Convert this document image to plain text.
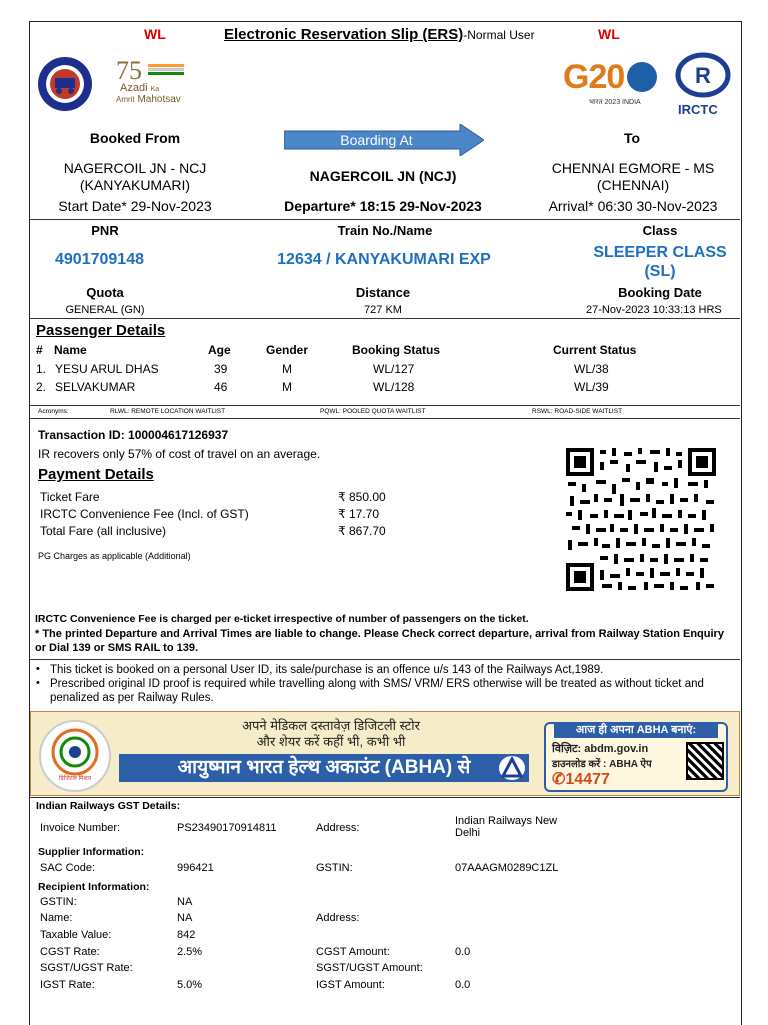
WL	Electronic Reservation Slip (ERS)-Normal User	WL
75
Azadi Ka
Amrit Mahotsav
G20
भारत 2023 INDIA
R
IRCTC
Booked From	Boarding At	To
NAGERCOIL JN - NCJ
(KANYAKUMARI)
NAGERCOIL JN (NCJ)	CHENNAI EGMORE - MS
(CHENNAI)
Start Date* 29-Nov-2023	Departure* 18:15 29-Nov-2023	Arrival* 06:30 30-Nov-2023
PNR	Train No./Name	Class
4901709148	12634 / KANYAKUMARI EXP	SLEEPER CLASS
(SL)
Quota	Distance	Booking Date
GENERAL (GN)	727 KM	27-Nov-2023 10:33:13 HRS
Passenger Details
# Name	Age	Gender	Booking Status	Current Status
1. YESU ARUL DHAS	39	M	WL/127	WL/38
2. SELVAKUMAR	46	M	WL/128	WL/39
Acronyms:	RLWL: REMOTE LOCATION WAITLIST	PQWL: POOLED QUOTA WAITLIST	RSWL: ROAD-SIDE WAITLIST
Transaction ID: 100004617126937
IR recovers only 57% of cost of travel on an average.
Payment Details
Ticket Fare	₹ 850.00
IRCTC Convenience Fee (Incl. of GST)	₹ 17.70
Total Fare (all inclusive)	₹ 867.70
PG Charges as applicable (Additional)
IRCTC Convenience Fee is charged per e-ticket irrespective of number of passengers on the ticket.
* The printed Departure and Arrival Times are liable to change. Please Check correct departure, arrival from Railway Station Enquiry or Dial 139 or SMS RAIL to 139.
• This ticket is booked on a personal User ID, its sale/purchase is an offence u/s 143 of the Railways Act,1989.
• Prescribed original ID proof is required while travelling along with SMS/ VRM/ ERS otherwise will be treated as without ticket and penalized as per Railway Rules.
डिजिटल मिशन
अपने मेडिकल दस्तावेज़ डिजिटली स्टोर
और शेयर करें कहीं भी, कभी भी
आयुष्मान भारत हेल्थ अकाउंट (ABHA) से
आज ही अपना ABHA बनाएं:
विज़िट: abdm.gov.in
डाउनलोड करें : ABHA ऐप
✆14477
Indian Railways GST Details:
Invoice Number:	PS23490170914811	Address:
Indian Railways New Delhi
Supplier Information:
SAC Code:	996421	GSTIN:	07AAAGM0289C1ZL
Recipient Information:
GSTIN:	NA
Name:	NA	Address:
Taxable Value:	842
CGST Rate:	2.5%	CGST Amount:	0.0
SGST/UGST Rate:	SGST/UGST Amount:
IGST Rate:	5.0%	IGST Amount:	0.0
